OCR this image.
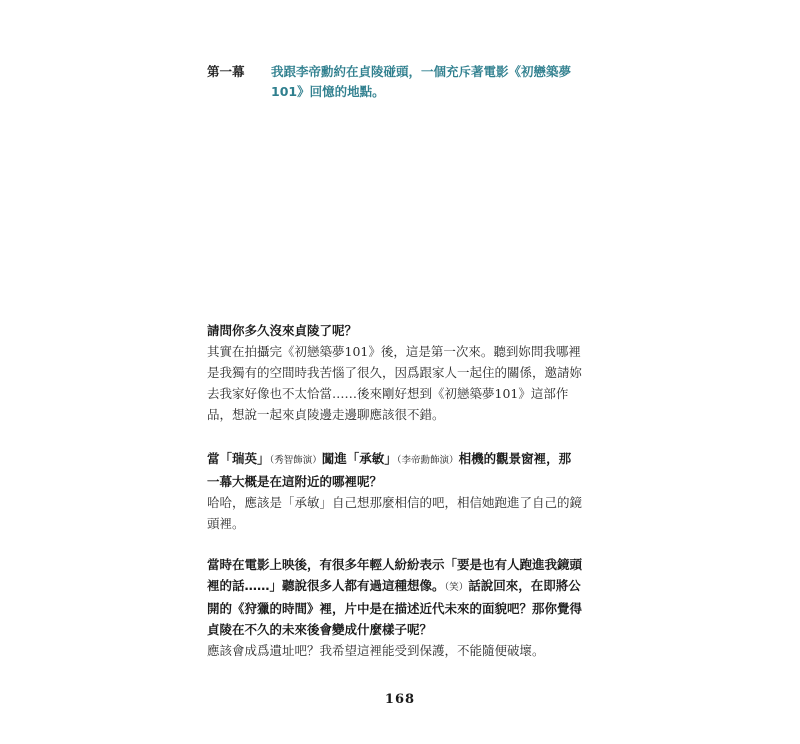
第一幕	我跟李帝勳約在貞陵碰頭，一個充斥著電影《初戀築夢101》回憶的地點。

請問你多久沒來貞陵了呢？

其實在拍攝完《初戀築夢101》後，這是第一次來。聽到妳問我哪裡是我獨有的空間時我苦惱了很久，因爲跟家人一起住的關係，邀請妳去我家好像也不太恰當……後來剛好想到《初戀築夢101》這部作品，想說一起來貞陵邊走邊聊應該很不錯。

當「瑞英」（秀智飾演）闖進「承敏」（李帝勳飾演）相機的觀景窗裡，那一幕大概是在這附近的哪裡呢？

哈哈，應該是「承敏」自己想那麼相信的吧，相信她跑進了自己的鏡頭裡。

當時在電影上映後，有很多年輕人紛紛表示「要是也有人跑進我鏡頭裡的話……」聽說很多人都有過這種想像。（笑）話說回來，在即將公開的《狩獵的時間》裡，片中是在描述近代未來的面貌吧？那你覺得貞陵在不久的未來後會變成什麼樣子呢？

應該會成爲遺址吧？我希望這裡能受到保護，不能隨便破壞。

168
